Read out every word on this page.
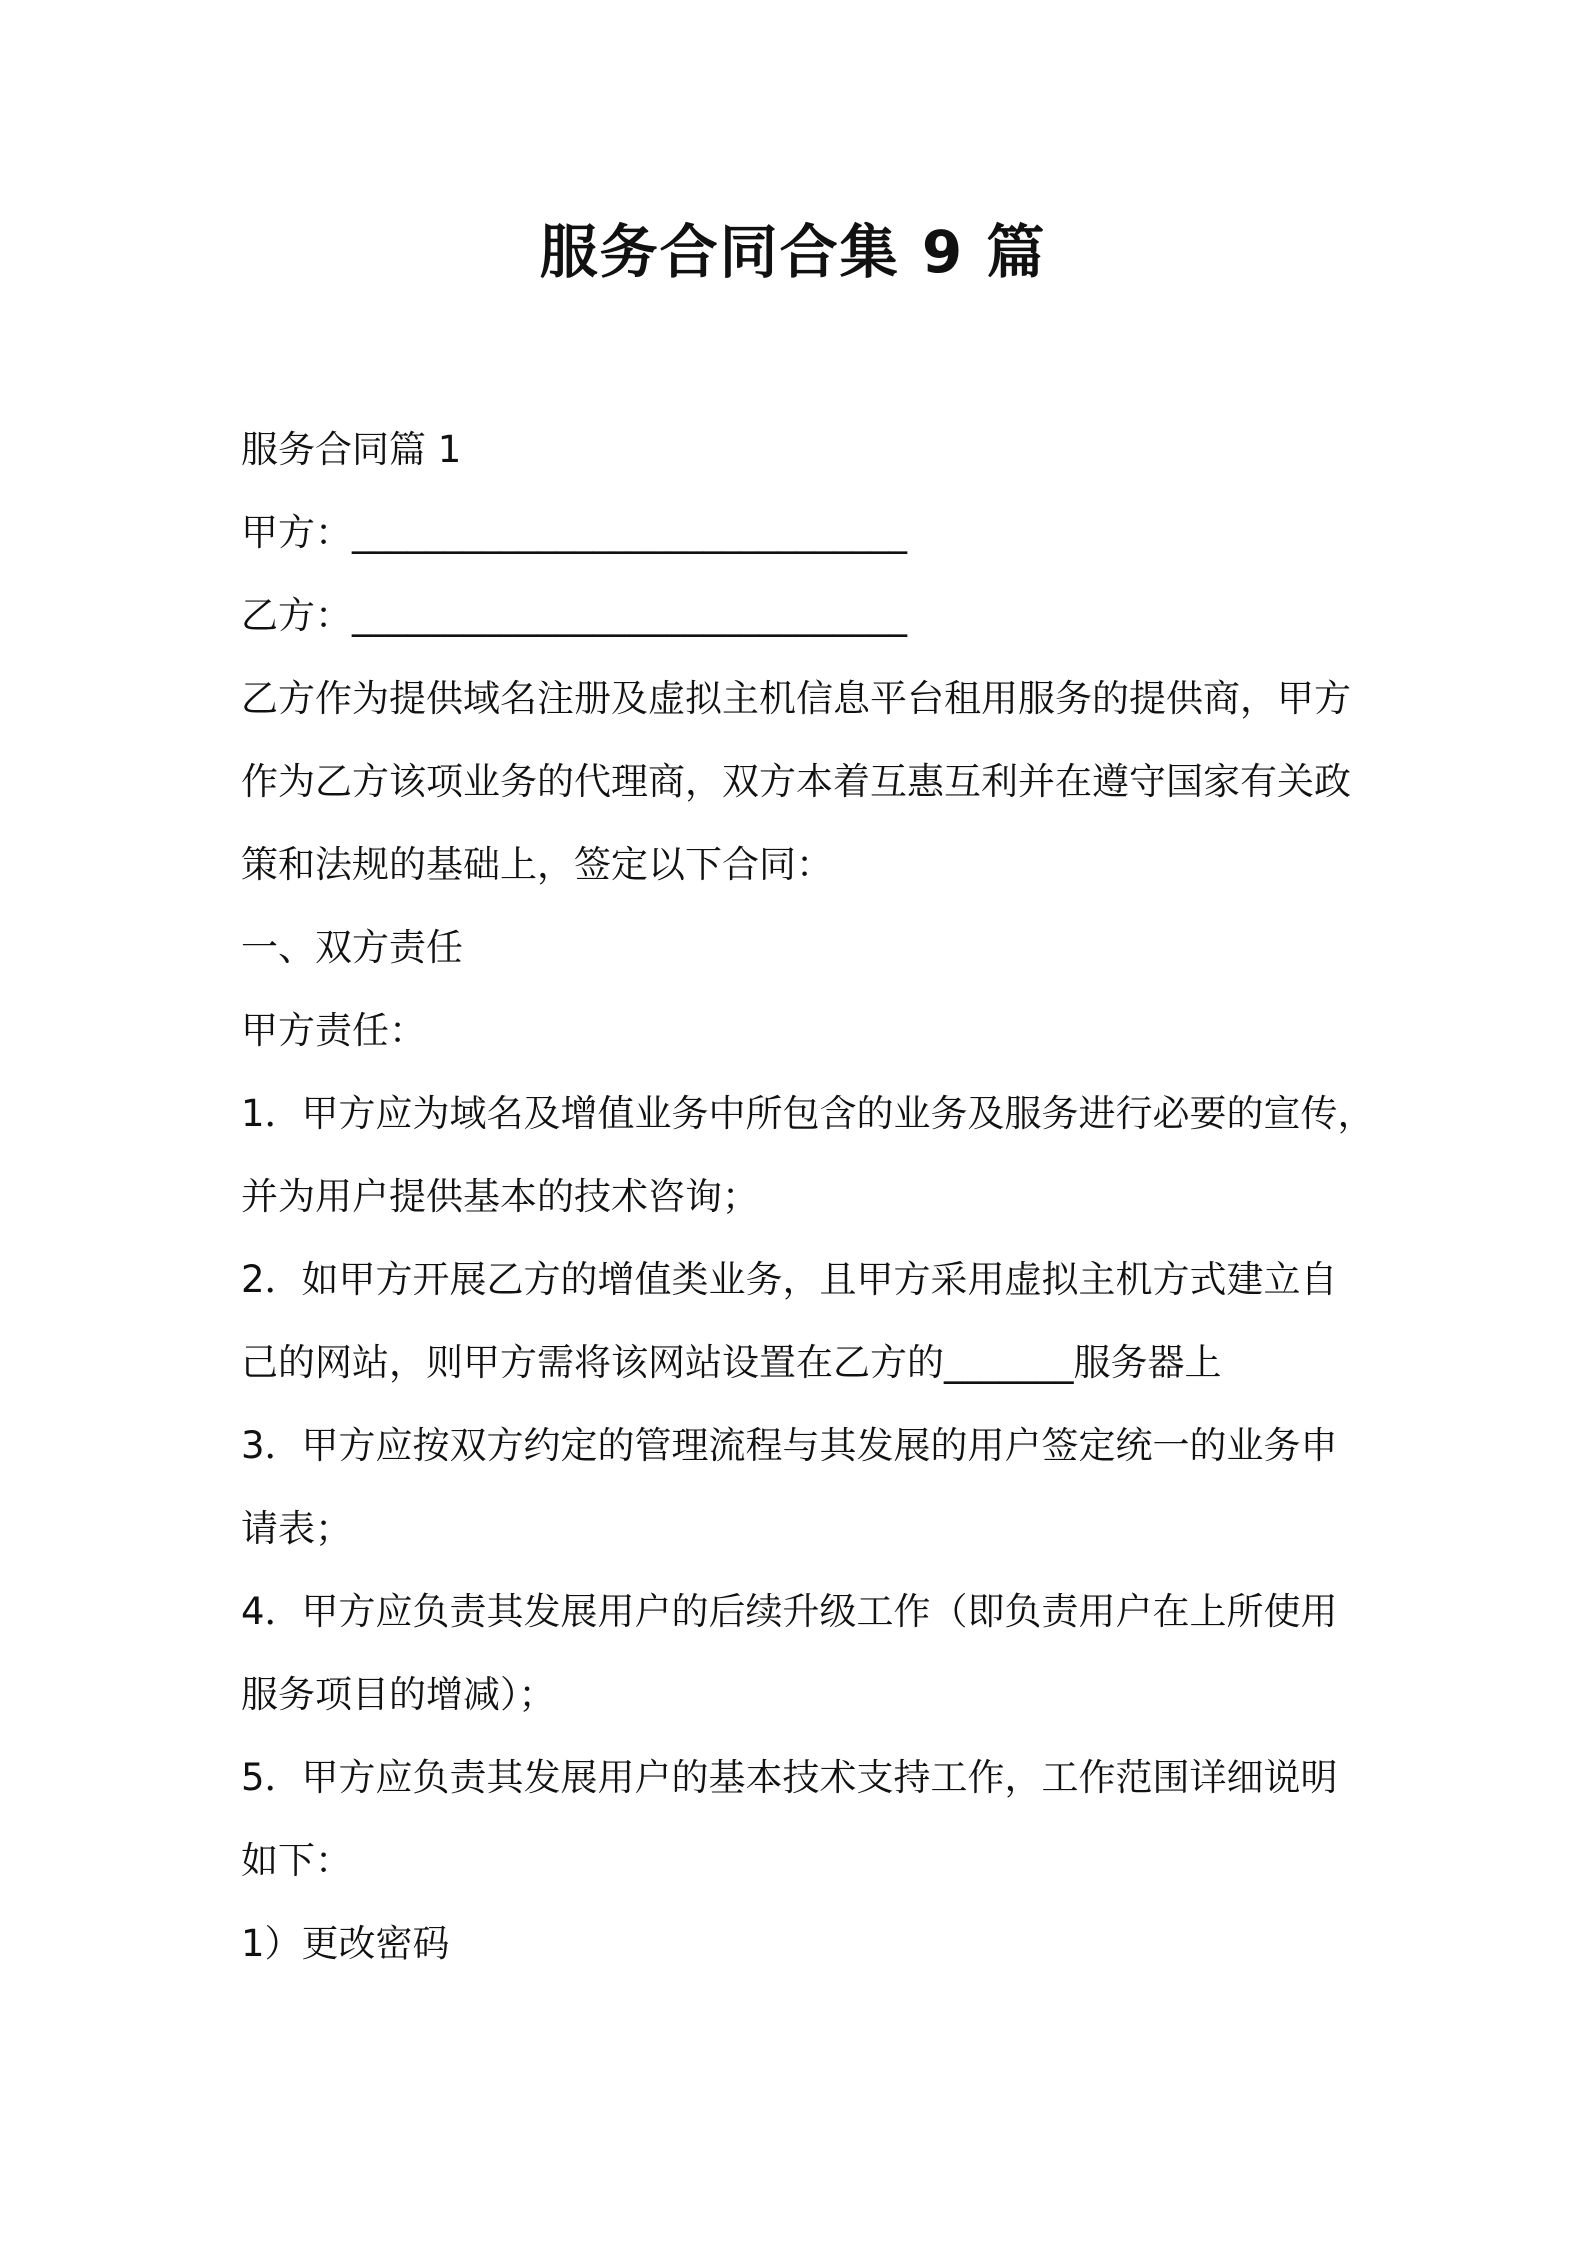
服务合同合集 9 篇

服务合同篇 1

甲方：______________________________

乙方：______________________________

乙方作为提供域名注册及虚拟主机信息平台租用服务的提供商，甲方

作为乙方该项业务的代理商，双方本着互惠互利并在遵守国家有关政

策和法规的基础上，签定以下合同：

一、双方责任

甲方责任：

1．甲方应为域名及增值业务中所包含的业务及服务进行必要的宣传，

并为用户提供基本的技术咨询；

2．如甲方开展乙方的增值类业务，且甲方采用虚拟主机方式建立自

己的网站，则甲方需将该网站设置在乙方的_______服务器上

3．甲方应按双方约定的管理流程与其发展的用户签定统一的业务申

请表；

4．甲方应负责其发展用户的后续升级工作（即负责用户在上所使用

服务项目的增减）；

5．甲方应负责其发展用户的基本技术支持工作，工作范围详细说明

如下：

1）更改密码
